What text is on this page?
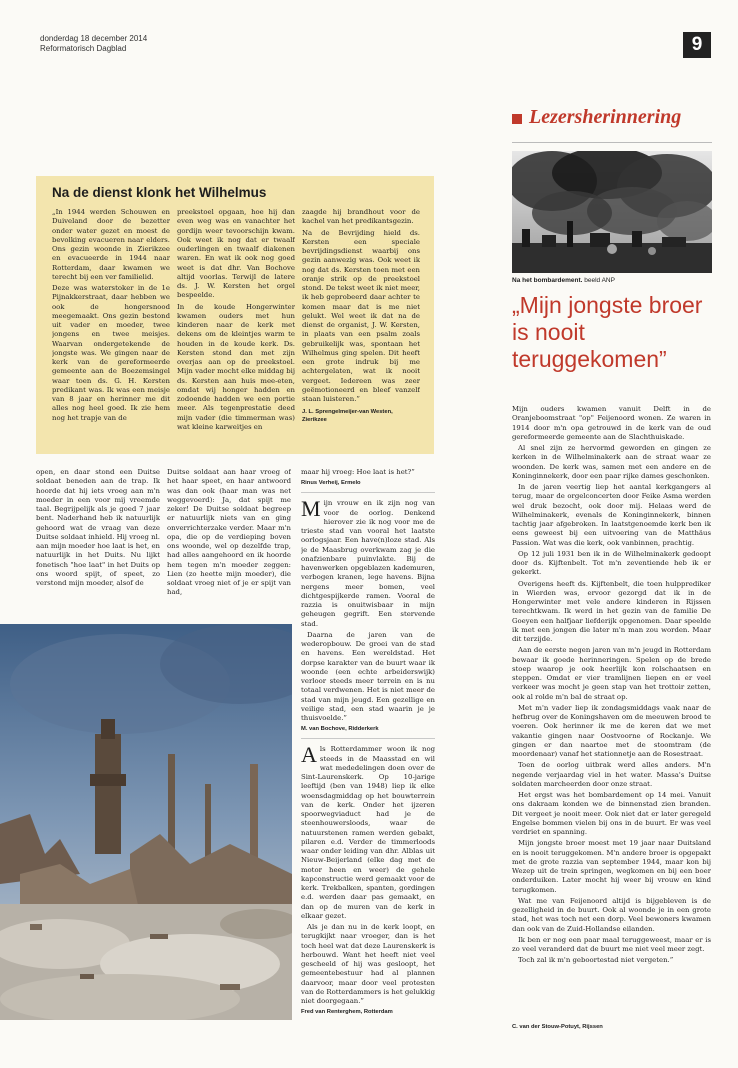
donderdag 18 december 2014
Reformatorisch Dagblad	9
Lezersherinnering
Na het bombardement. beeld ANP
„Mijn jongste broer is nooit teruggekomen”
Na de dienst klonk het Wilhelmus

„In 1944 werden Schouwen en Duiveland door de bezetter onder water gezet en moest de bevolking evacueren naar elders. Ons gezin woonde in Zierikzee en evacueerde in 1944 naar Rotterdam, daar kwamen we terecht bij een ver familielid.

Deze was waterstoker in de 1e Pijnakkerstraat, daar hebben we ook de hongersnood meegemaakt. Ons gezin bestond uit vader en moeder, twee jongens en twee meisjes. Waarvan ondergetekende de jongste was. We gingen naar de kerk van de gereformeerde gemeente aan de Boezemsingel waar toen ds. G. H. Kersten predikant was. Ik was een meisje van 8 jaar en herinner me dit alles nog heel goed. Ik zie hem nog het trapje van de

preekstoel opgaan, hoe hij dan even weg was en vanachter het gordijn weer tevoorschijn kwam. Ook weet ik nog dat er twaalf ouderlingen en twaalf diakenen waren. En wat ik ook nog goed weet is dat dhr. Van Bochove altijd voorlas. Terwijl de latere ds. J. W. Kersten het orgel bespeelde.

In de koude Hongerwinter kwamen ouders met hun kinderen naar de kerk met dekens om de kleintjes warm te houden in de koude kerk. Ds. Kersten stond dan met zijn overjas aan op de preekstoel. Mijn vader mocht elke middag bij ds. Kersten aan huis mee-eten, omdat wij honger hadden en zodoende hadden we een portie meer. Als tegenprestatie deed mijn vader (die timmerman was) wat kleine karweitjes en

zaagde hij brandhout voor de kachel van het predikantsgezin.

Na de Bevrijding hield ds. Kersten een speciale bevrijdingsdienst waarbij ons gezin aanwezig was. Ook weet ik nog dat ds. Kersten toen met een oranje strik op de preekstoel stond. De tekst weet ik niet meer, ik heb geprobeerd daar achter te komen maar dat is me niet gelukt. Wel weet ik dat na de dienst de organist, J. W. Kersten, in plaats van een psalm zoals gebruikelijk was, spontaan het Wilhelmus ging spelen. Dit heeft een grote indruk bij me achtergelaten, wat ik nooit vergeet. Iedereen was zeer geëmotioneerd en bleef vanzelf staan luisteren.”

J. L. Sprengelmeijer-van Westen,
Zierikzee

open, en daar stond een Duitse soldaat beneden aan de trap. Ik hoorde dat hij iets vroeg aan m'n moeder in een voor mij vreemde taal. Begrijpelijk als je goed 7 jaar bent. Naderhand heb ik natuurlijk gehoord wat de vraag van deze Duitse soldaat inhield. Hij vroeg nl. aan mijn moeder hoe laat is het, en natuurlijk in het Duits. Nu lijkt fonetisch "hoe laat" in het Duits op ons woord spijt, of speet, zo verstond mijn moeder, alsof de

Duitse soldaat aan haar vroeg of het haar speet, en haar antwoord was dan ook (haar man was net weggevoerd): Ja, dat spijt me zeker! De Duitse soldaat begreep er natuurlijk niets van en ging onverrichterzake verder. Maar m'n opa, die op de verdieping boven ons woonde, wel op dezelfde trap, had alles aangehoord en ik hoorde hem tegen m'n moeder zeggen: Lien (zo heette mijn moeder), die soldaat vroeg niet of je er spijt van had,

maar hij vroeg: Hoe laat is het?”

Rinus Verheij, Ermelo

Mijn vrouw en ik zijn nog van voor de oorlog. Denkend hierover zie ik nog voor me de trieste stad van vooral het laatste oorlogsjaar. Een have(n)loze stad. Als je de Maasbrug overkwam zag je die onafzienbare puinvlakte. Bij de havenwerken opgeblazen kademuren, verbogen kranen, lege havens. Bijna nergens meer bomen, veel dichtgespijkerde ramen. Vooral de razzia is onuitwisbaar in mijn geheugen gegrift. Een stervende stad.

Daarna de jaren van de wederopbouw. De groei van de stad en havens. Een wereldstad. Het dorpse karakter van de buurt waar ik woonde (een echte arbeiderswijk) verloor steeds meer terrein en is nu totaal verdwenen. Het is niet meer de stad van mijn jeugd. Een gezellige en veilige stad, een stad waarin je je thuisvoelde.”

M. van Bochove, Ridderkerk

Als Rotterdammer woon ik nog steeds in de Maasstad en wil wat mededelingen doen over de Sint-Laurenskerk. Op 10-jarige leeftijd (ben van 1948) liep ik elke woensdagmiddag op het bouwterrein van de kerk. Onder het ijzeren spoorwegviaduct had je de steenhouwersloods, waar de natuurstenen ramen werden gebakt, pilaren e.d. Verder de timmerloods waar onder leiding van dhr. Alblas uit Nieuw-Beijerland (elke dag met de motor heen en weer) de gehele kapconstructie werd gemaakt voor de kerk. Trekbalken, spanten, gordingen e.d. werden daar pas gemaakt, en dan op de muren van de kerk in elkaar gezet.

Als je dan nu in de kerk loopt, en terugkijkt naar vroeger, dan is het toch heel wat dat deze Laurenskerk is herbouwd. Want het heeft niet veel gescheeld of hij was gesloopt, het gemeentebestuur had al plannen daarvoor, maar door veel protesten van de Rotterdammers is het gelukkig niet doorgegaan.”

Fred van Renterghem, Rotterdam

Mijn ouders kwamen vanuit Delft in de Oranjeboomstraat "op" Feijenoord wonen. Ze waren in 1914 door m'n opa getrouwd in de kerk van de oud gereformeerde gemeente aan de Slachthuiskade.

Al snel zijn ze hervormd geworden en gingen ze kerken in de Wilhelminakerk aan de straat waar ze woonden. De kerk was, samen met een andere en de Koninginnekerk, door een paar rijke dames geschonken.

In de jaren veertig liep het aantal kerkgangers al terug, maar de orgelconcerten door Feike Asma werden wel druk bezocht, ook door mij. Helaas werd de Wilhelminakerk, evenals de Koninginnekerk, binnen tachtig jaar afgebroken. In laatstgenoemde kerk ben ik eens geweest bij een uitvoering van de Matthäus Passion. Wat was die kerk, ook vanbinnen, prachtig.

Op 12 juli 1931 ben ik in de Wilhelminakerk gedoopt door ds. Kijftenbelt. Tot m'n zeventiende heb ik er gekerkt.

Overigens heeft ds. Kijftenbelt, die toen hulpprediker in Wierden was, ervoor gezorgd dat ik in de Hongerwinter met vele andere kinderen in Rijssen terechtkwam. Ik werd in het gezin van de familie De Goeyen een halfjaar liefderijk opgenomen. Daar speelde ik met een jongen die later m'n man zou worden. Maar dit terzijde.

Aan de eerste negen jaren van m'n jeugd in Rotterdam bewaar ik goede herinneringen. Spelen op de brede stoep waarop je ook heerlijk kon rolschaatsen en steppen. Omdat er vier tramlijnen liepen en er veel verkeer was mocht je geen stap van het trottoir zetten, ook al rolde m'n bal de straat op.

Met m'n vader liep ik zondagsmiddags vaak naar de hefbrug over de Koningshaven om de meeuwen brood te voeren. Ook herinner ik me de keren dat we met vakantie gingen naar Oostvoorne of Rockanje. We gingen er dan naartoe met de stoomtram (de moordenaar) vanaf het stationnetje aan de Rosestraat.

Toen de oorlog uitbrak werd alles anders. M'n negende verjaardag viel in het water. Massa's Duitse soldaten marcheerden door onze straat.

Het ergst was het bombardement op 14 mei. Vanuit ons dakraam konden we de binnenstad zien branden. Dit vergeet je nooit meer. Ook niet dat er later geregeld Engelse bommen vielen bij ons in de buurt. Er was veel verdriet en spanning.

Mijn jongste broer moest met 19 jaar naar Duitsland en is nooit teruggekomen. M'n andere broer is opgepakt met de grote razzia van september 1944, maar kon bij Wezep uit de trein springen, wegkomen en bij een boer onderduiken. Later mocht hij weer bij vrouw en kind terugkomen.

Wat me van Feijenoord altijd is bijgebleven is de gezelligheid in de buurt. Ook al woonde je in een grote stad, het was toch net een dorp. Veel bewoners kwamen dan ook van de Zuid-Hollandse eilanden.

Ik ben er nog een paar maal teruggeweest, maar er is zo veel veranderd dat de buurt me niet veel meer zegt.

Toch zal ik m'n geboortestad niet vergeten.”

C. van der Stouw-Potuyt, Rijssen
